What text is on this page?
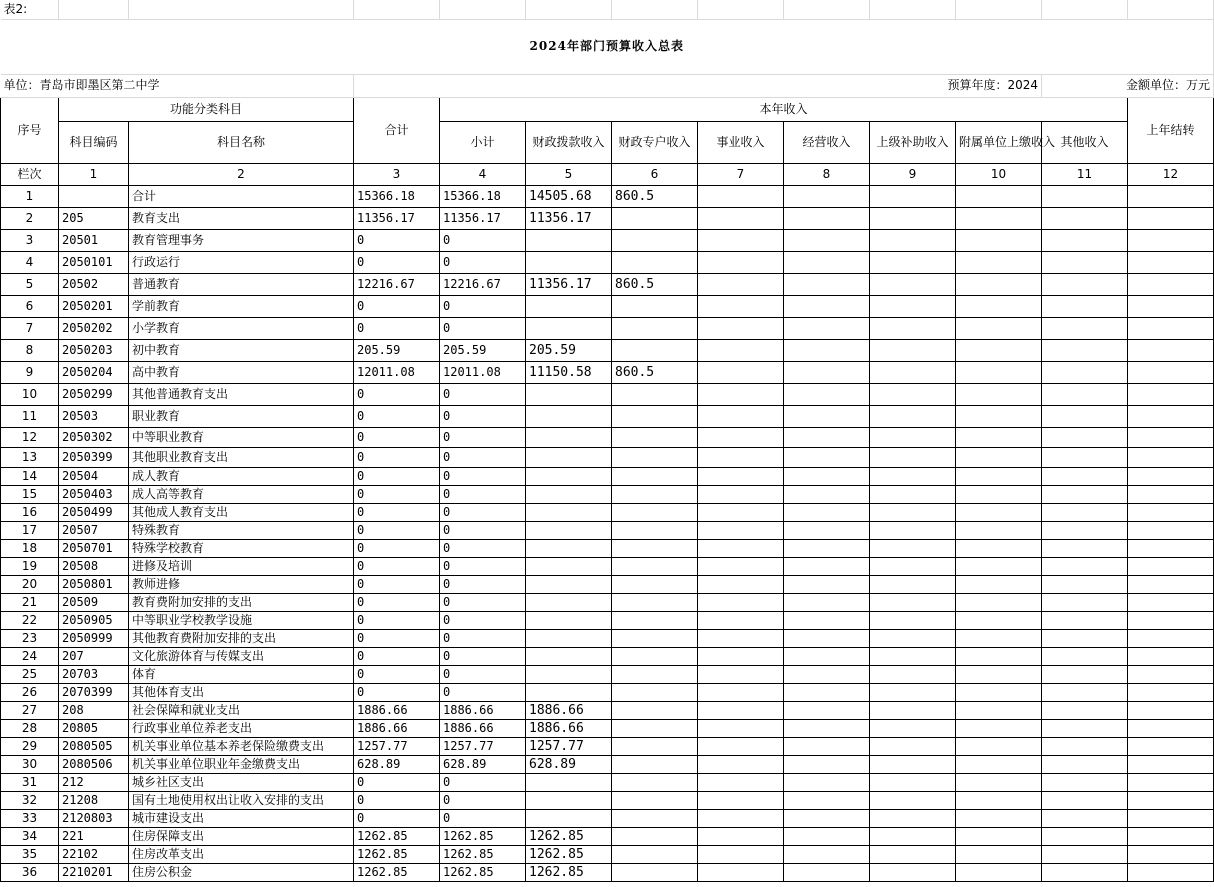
表2:												
2024年部门预算收入总表												
单位：青岛市即墨区第二中学									预算年度：2024		金额单位：万元	
序号	功能分类科目		合计	本年收入								上年结转
	科目编码	科目名称		小计	财政拨款收入	财政专户收入	事业收入	经营收入	上级补助收入	附属单位上缴收入	其他收入	

栏次	1	2	3	4	5	6	7	8	9	10	11	12
1		合计	15366.18	15366.18	14505.68	860.5						
2	205	教育支出	11356.17	11356.17	11356.17							
3	20501	教育管理事务	0	0								
4	2050101	行政运行	0	0								
5	20502	普通教育	12216.67	12216.67	11356.17	860.5						
6	2050201	学前教育	0	0								
7	2050202	小学教育	0	0								
8	2050203	初中教育	205.59	205.59	205.59							
9	2050204	高中教育	12011.08	12011.08	11150.58	860.5						
10	2050299	其他普通教育支出	0	0								
11	20503	职业教育	0	0								
12	2050302	中等职业教育	0	0								
13	2050399	其他职业教育支出	0	0								
14	20504	成人教育	0	0								
15	2050403	成人高等教育	0	0								
16	2050499	其他成人教育支出	0	0								
17	20507	特殊教育	0	0								
18	2050701	特殊学校教育	0	0								
19	20508	进修及培训	0	0								
20	2050801	教师进修	0	0								
21	20509	教育费附加安排的支出	0	0								
22	2050905	中等职业学校教学设施	0	0								
23	2050999	其他教育费附加安排的支出	0	0								
24	207	文化旅游体育与传媒支出	0	0								
25	20703	体育	0	0								
26	2070399	其他体育支出	0	0								
27	208	社会保障和就业支出	1886.66	1886.66	1886.66							
28	20805	行政事业单位养老支出	1886.66	1886.66	1886.66							
29	2080505	机关事业单位基本养老保险缴费支出	1257.77	1257.77	1257.77							
30	2080506	机关事业单位职业年金缴费支出	628.89	628.89	628.89							
31	212	城乡社区支出	0	0								
32	21208	国有土地使用权出让收入安排的支出	0	0								
33	2120803	城市建设支出	0	0								
34	221	住房保障支出	1262.85	1262.85	1262.85							
35	22102	住房改革支出	1262.85	1262.85	1262.85							
36	2210201	住房公积金	1262.85	1262.85	1262.85							
